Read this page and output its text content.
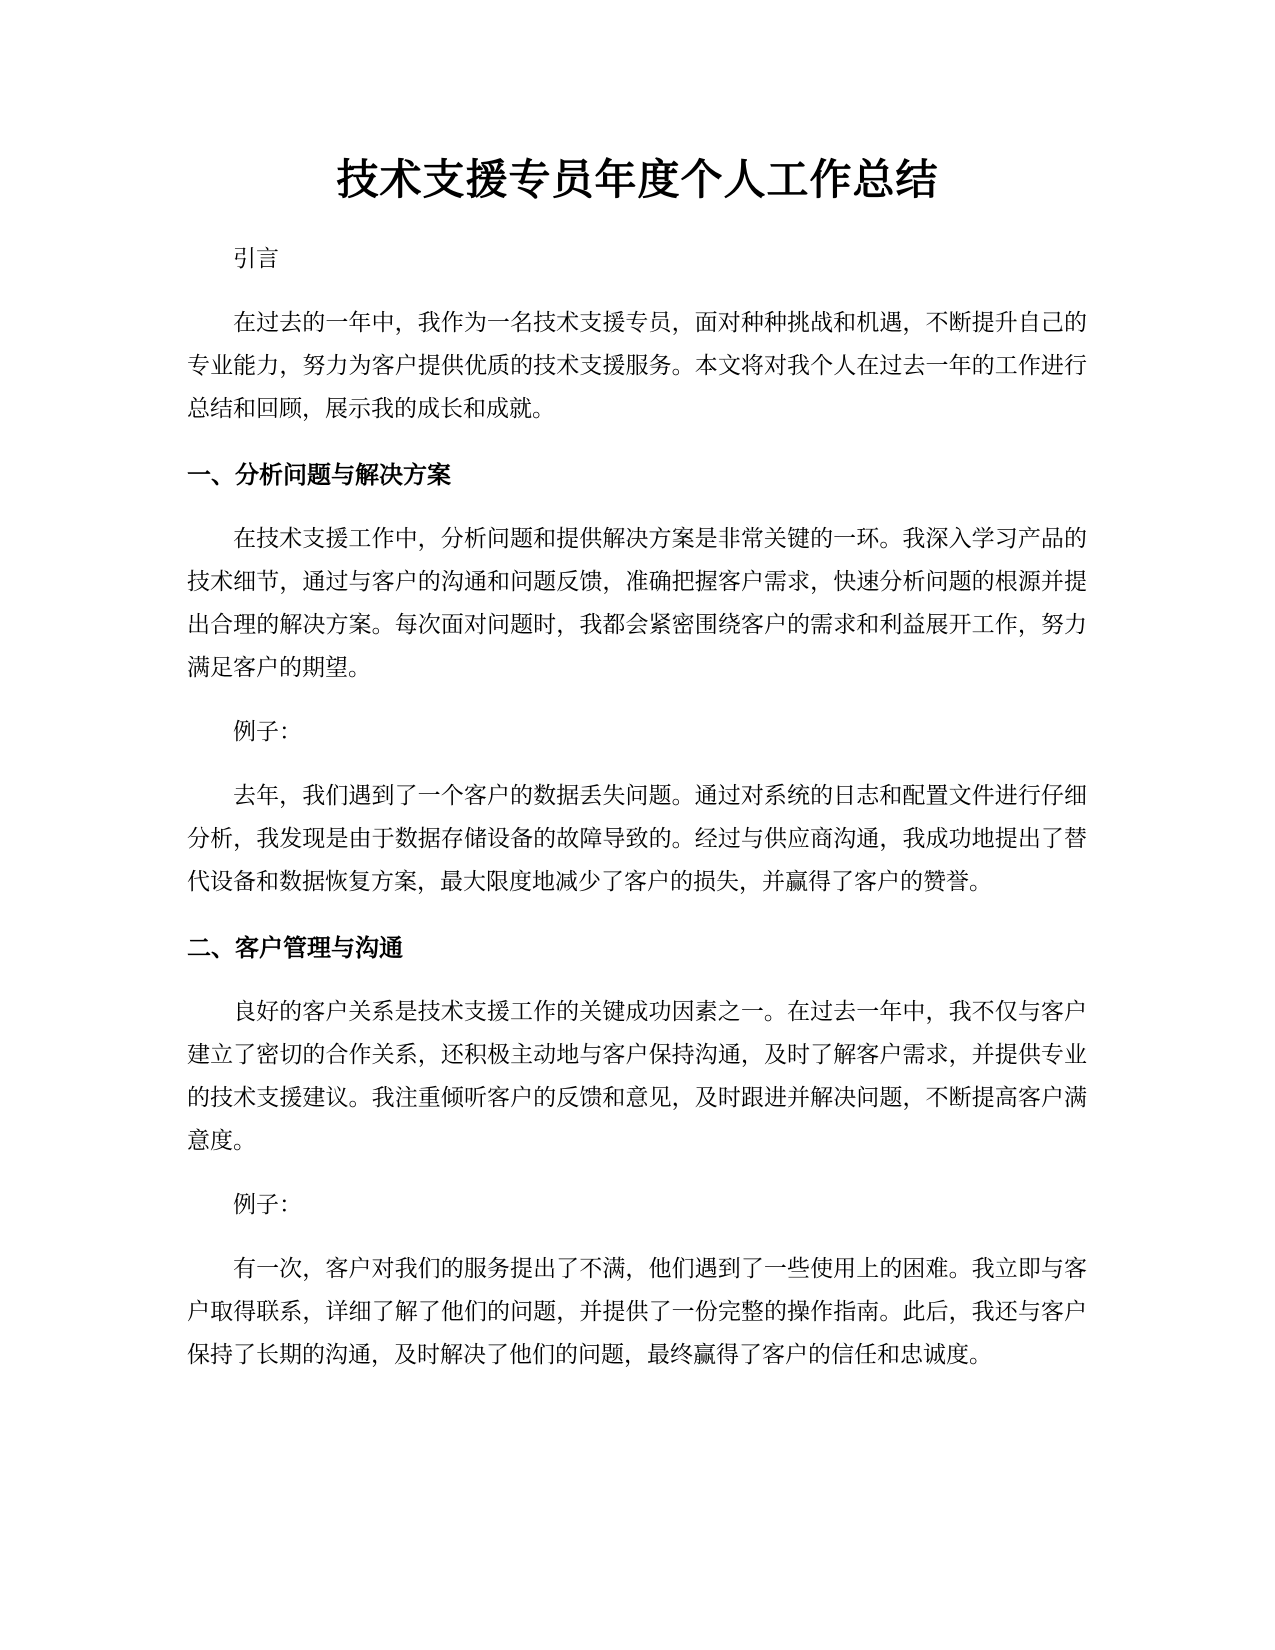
技术支援专员年度个人工作总结

引言

在过去的一年中，我作为一名技术支援专员，面对种种挑战和机遇，不断提升自己的专业能力，努力为客户提供优质的技术支援服务。本文将对我个人在过去一年的工作进行总结和回顾，展示我的成长和成就。

一、分析问题与解决方案

在技术支援工作中，分析问题和提供解决方案是非常关键的一环。我深入学习产品的技术细节，通过与客户的沟通和问题反馈，准确把握客户需求，快速分析问题的根源并提出合理的解决方案。每次面对问题时，我都会紧密围绕客户的需求和利益展开工作，努力满足客户的期望。

例子：

去年，我们遇到了一个客户的数据丢失问题。通过对系统的日志和配置文件进行仔细分析，我发现是由于数据存储设备的故障导致的。经过与供应商沟通，我成功地提出了替代设备和数据恢复方案，最大限度地减少了客户的损失，并赢得了客户的赞誉。

二、客户管理与沟通

良好的客户关系是技术支援工作的关键成功因素之一。在过去一年中，我不仅与客户建立了密切的合作关系，还积极主动地与客户保持沟通，及时了解客户需求，并提供专业的技术支援建议。我注重倾听客户的反馈和意见，及时跟进并解决问题，不断提高客户满意度。

例子：

有一次，客户对我们的服务提出了不满，他们遇到了一些使用上的困难。我立即与客户取得联系，详细了解了他们的问题，并提供了一份完整的操作指南。此后，我还与客户保持了长期的沟通，及时解决了他们的问题，最终赢得了客户的信任和忠诚度。
